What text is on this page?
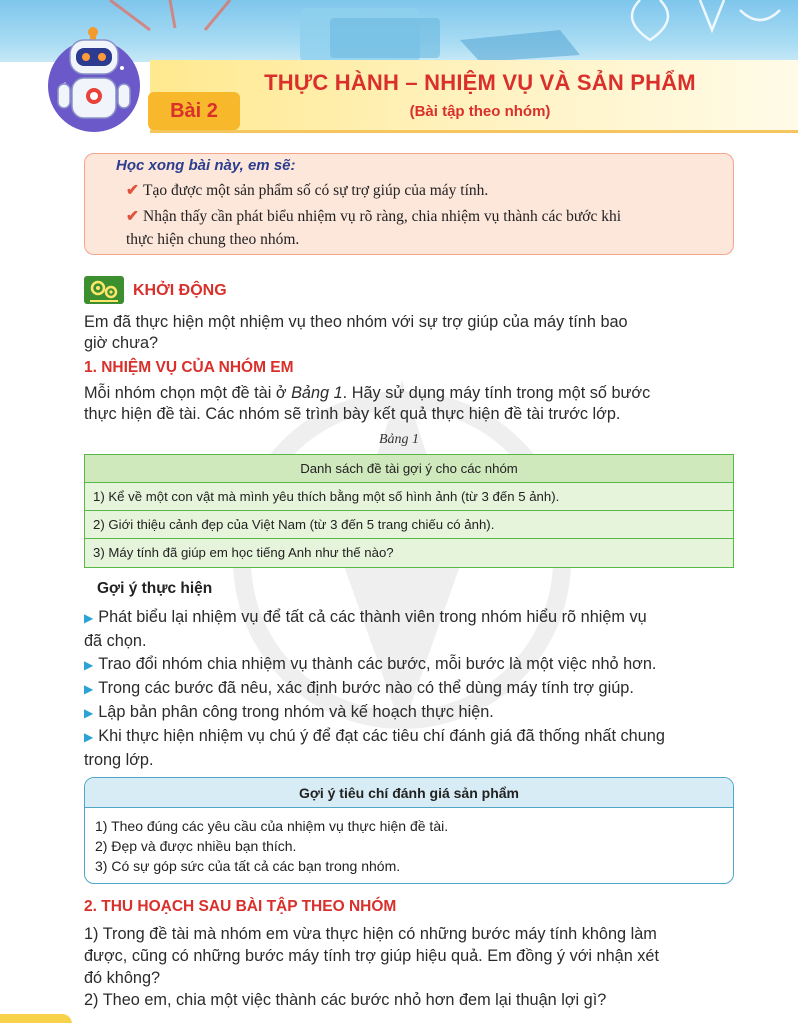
Bài 2
THỰC HÀNH – NHIỆM VỤ VÀ SẢN PHẨM
(Bài tập theo nhóm)
Học xong bài này, em sẽ:
✔ Tạo được một sản phẩm số có sự trợ giúp của máy tính.
✔ Nhận thấy cần phát biểu nhiệm vụ rõ ràng, chia nhiệm vụ thành các bước khi
thực hiện chung theo nhóm.
KHỞI ĐỘNG
Em đã thực hiện một nhiệm vụ theo nhóm với sự trợ giúp của máy tính bao
giờ chưa?
1. NHIỆM VỤ CỦA NHÓM EM
Mỗi nhóm chọn một đề tài ở Bảng 1. Hãy sử dụng máy tính trong một số bước
thực hiện đề tài. Các nhóm sẽ trình bày kết quả thực hiện đề tài trước lớp.
Bảng 1
Danh sách đề tài gợi ý cho các nhóm
1) Kể về một con vật mà mình yêu thích bằng một số hình ảnh (từ 3 đến 5 ảnh).
2) Giới thiệu cảnh đẹp của Việt Nam (từ 3 đến 5 trang chiếu có ảnh).
3) Máy tính đã giúp em học tiếng Anh như thế nào?
Gợi ý thực hiện
▶ Phát biểu lại nhiệm vụ để tất cả các thành viên trong nhóm hiểu rõ nhiệm vụ
đã chọn.
▶ Trao đổi nhóm chia nhiệm vụ thành các bước, mỗi bước là một việc nhỏ hơn.
▶ Trong các bước đã nêu, xác định bước nào có thể dùng máy tính trợ giúp.
▶ Lập bản phân công trong nhóm và kế hoạch thực hiện.
▶ Khi thực hiện nhiệm vụ chú ý để đạt các tiêu chí đánh giá đã thống nhất chung
trong lớp.
Gợi ý tiêu chí đánh giá sản phẩm
1) Theo đúng các yêu cầu của nhiệm vụ thực hiện đề tài.
2) Đẹp và được nhiều bạn thích.
3) Có sự góp sức của tất cả các bạn trong nhóm.
2. THU HOẠCH SAU BÀI TẬP THEO NHÓM
1) Trong đề tài mà nhóm em vừa thực hiện có những bước máy tính không làm
được, cũng có những bước máy tính trợ giúp hiệu quả. Em đồng ý với nhận xét
đó không?
2) Theo em, chia một việc thành các bước nhỏ hơn đem lại thuận lợi gì?
